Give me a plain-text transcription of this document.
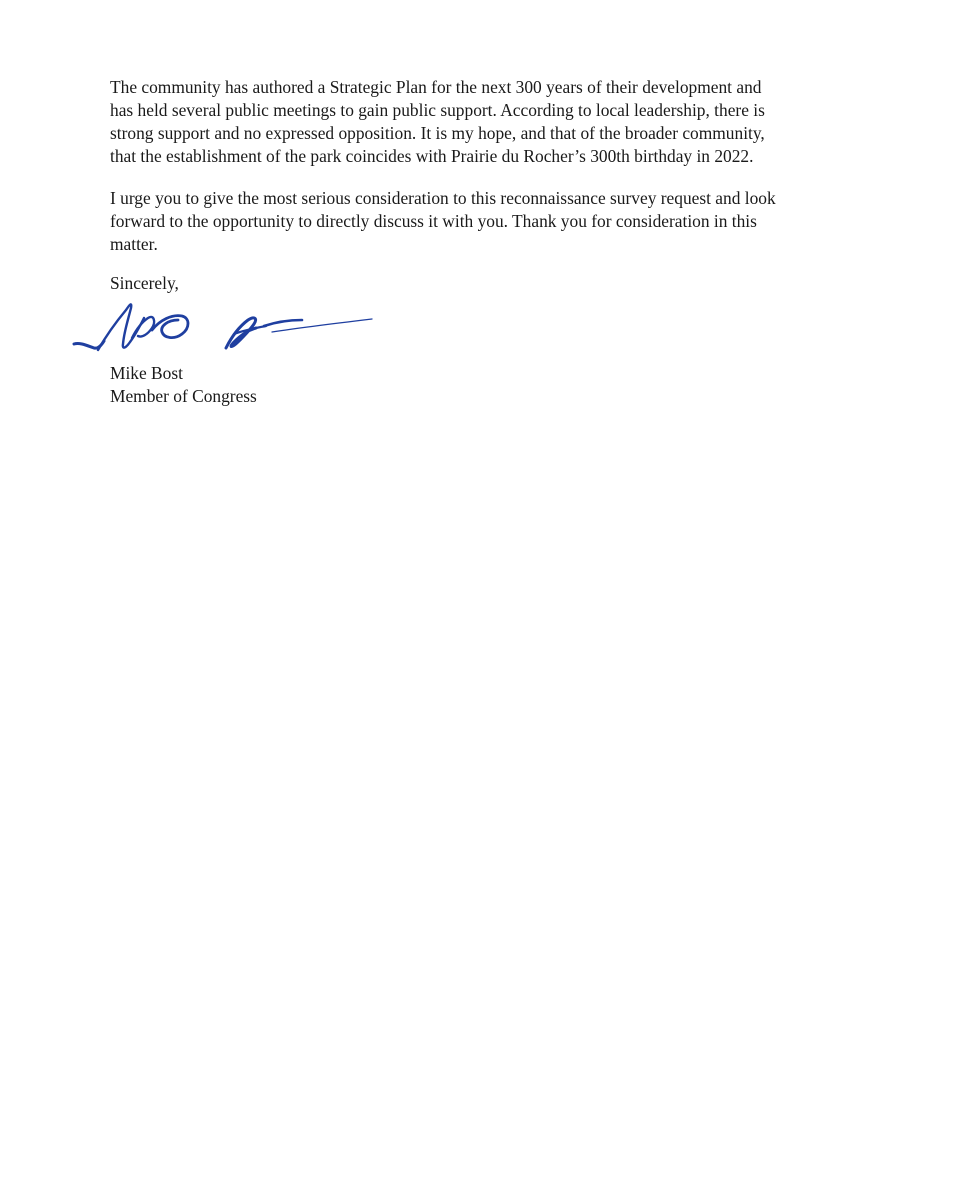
The community has authored a Strategic Plan for the next 300 years of their development and
has held several public meetings to gain public support. According to local leadership, there is
strong support and no expressed opposition. It is my hope, and that of the broader community,
that the establishment of the park coincides with Prairie du Rocher’s 300th birthday in 2022.

I urge you to give the most serious consideration to this reconnaissance survey request and look
forward to the opportunity to directly discuss it with you. Thank you for consideration in this
matter.

Sincerely,

Mike Bost
Member of Congress
